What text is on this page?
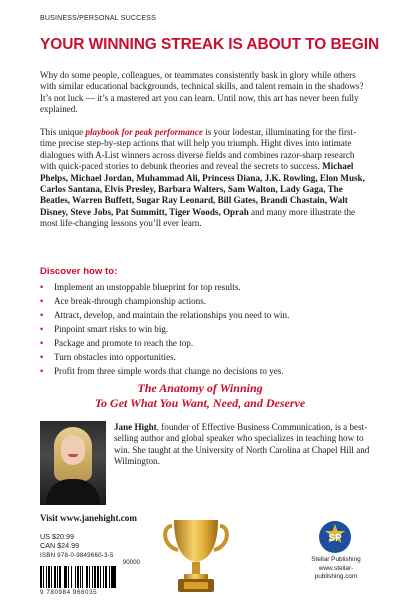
BUSINESS/PERSONAL SUCCESS
YOUR WINNING STREAK IS ABOUT TO BEGIN

Why do some people, colleagues, or teammates consistently bask in glory while others with similar educational backgrounds, technical skills, and talent remain in the shadows? It’s not luck — it’s a mastered art you can learn. Until now, this art has never been fully explained.

This unique playbook for peak performance is your lodestar, illuminating for the first-time precise step-by-step actions that will help you triumph. Hight dives into intimate dialogues with A-List winners across diverse fields and combines razor-sharp research with quick-paced stories to debunk theories and reveal the secrets to success. Michael Phelps, Michael Jordan, Muhammad Ali, Princess Diana, J.K. Rowling, Elon Musk, Carlos Santana, Elvis Presley, Barbara Walters, Sam Walton, Lady Gaga, The Beatles, Warren Buffett, Sugar Ray Leonard, Bill Gates, Brandi Chastain, Walt Disney, Steve Jobs, Pat Summitt, Tiger Woods, Oprah and many more illustrate the most life-changing lessons you’ll ever learn.

Discover how to:
• Implement an unstoppable blueprint for top results.
• Ace break-through championship actions.
• Attract, develop, and maintain the relationships you need to win.
• Pinpoint smart risks to win big.
• Package and promote to reach the top.
• Turn obstacles into opportunities.
• Profit from three simple words that change no decisions to yes.
The Anatomy of Winning
To Get What You Want, Need, and Deserve

Jane Hight, founder of Effective Business Communication, is a best-selling author and global speaker who specializes in teaching how to win. She taught at the University of North Carolina at Chapel Hill and Wilmington.

Visit www.janehight.com
US $20.99
CAN $24.99
ISBN 978-0-9849660-3-5
90000
9 780984 966035
SP
Stellar Publishing
www.stellar-publishing.com
